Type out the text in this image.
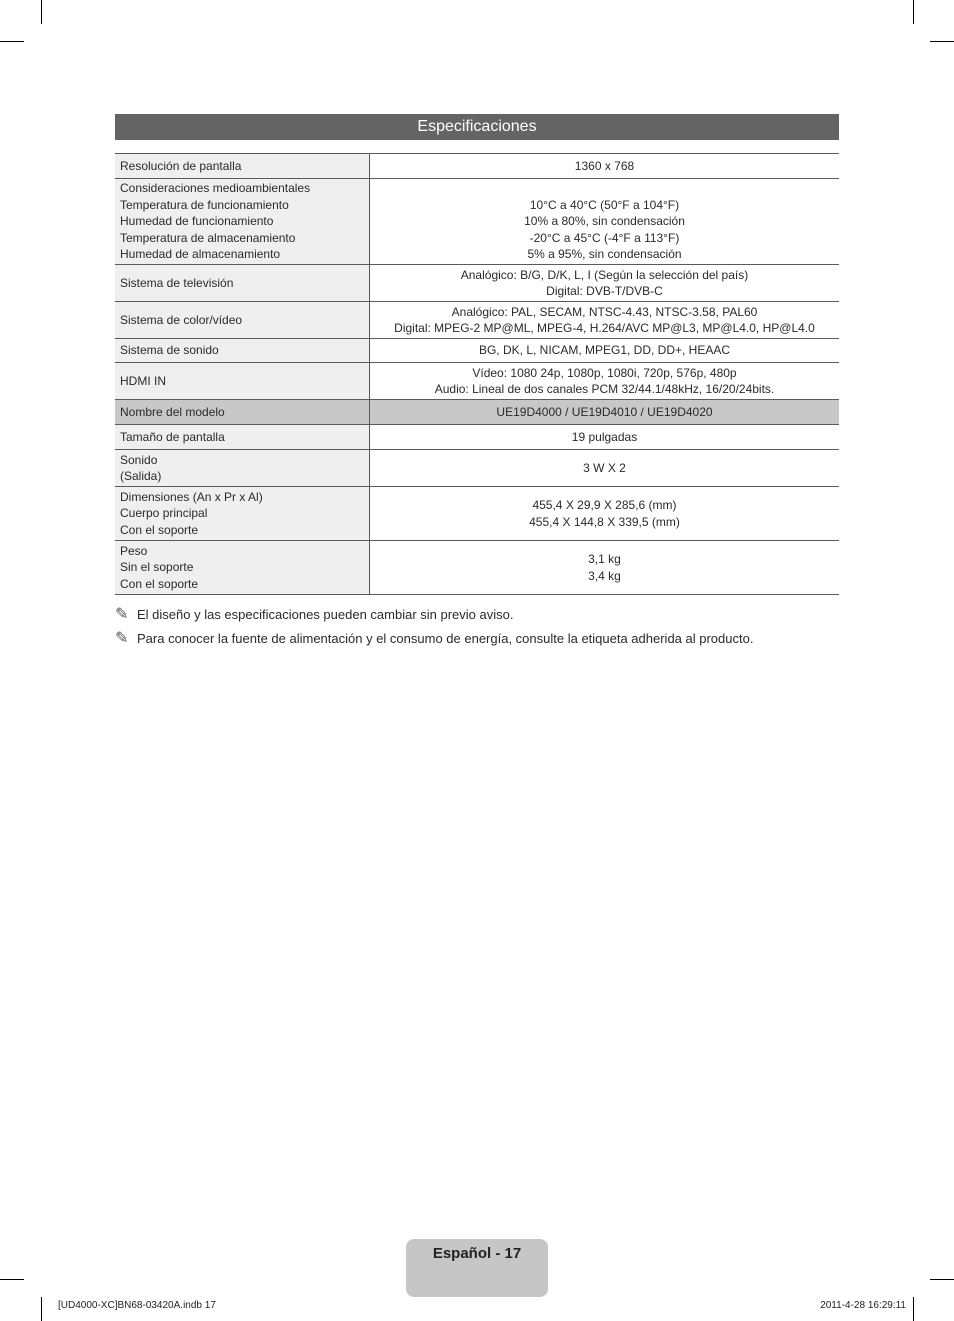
Especificaciones
Resolución de pantalla	1360 x 768

Consideraciones medioambientales
Temperatura de funcionamiento
Humedad de funcionamiento
Temperatura de almacenamiento
Humedad de almacenamiento	10°C a 40°C (50°F a 104°F)
10% a 80%, sin condensación
-20°C a 45°C (-4°F a 113°F)
5% a 95%, sin condensación

Sistema de televisión	Analógico: B/G, D/K, L, I (Según la selección del país)
Digital: DVB-T/DVB-C

Sistema de color/vídeo	Analógico: PAL, SECAM, NTSC-4.43, NTSC-3.58, PAL60
Digital: MPEG-2 MP@ML, MPEG-4, H.264/AVC MP@L3, MP@L4.0, HP@L4.0

Sistema de sonido	BG, DK, L, NICAM, MPEG1, DD, DD+, HEAAC

HDMI IN	Vídeo: 1080 24p, 1080p, 1080i, 720p, 576p, 480p
Audio: Lineal de dos canales PCM 32/44.1/48kHz, 16/20/24bits.

Nombre del modelo	UE19D4000 / UE19D4010 / UE19D4020

Tamaño de pantalla	19 pulgadas

Sonido
(Salida)	3 W X 2

Dimensiones (An x Pr x Al)
Cuerpo principal
Con el soporte	455,4 X 29,9 X 285,6 (mm)
455,4 X 144,8 X 339,5 (mm)

Peso
Sin el soporte
Con el soporte	3,1 kg
3,4 kg
✎ El diseño y las especificaciones pueden cambiar sin previo aviso.
✎ Para conocer la fuente de alimentación y el consumo de energía, consulte la etiqueta adherida al producto.
Español - 17
[UD4000-XC]BN68-03420A.indb 17	2011-4-28 16:29:11
